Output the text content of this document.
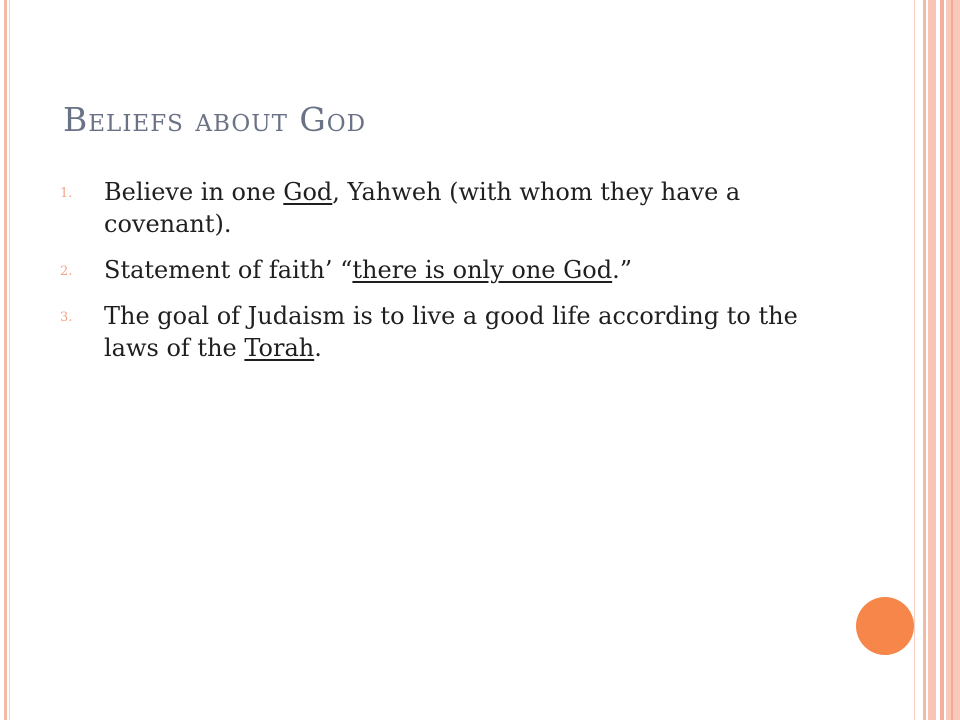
Beliefs about God
1. Believe in one God, Yahweh (with whom they have a covenant).
2. Statement of faith’ “there is only one God.”
3. The goal of Judaism is to live a good life according to the laws of the Torah.
